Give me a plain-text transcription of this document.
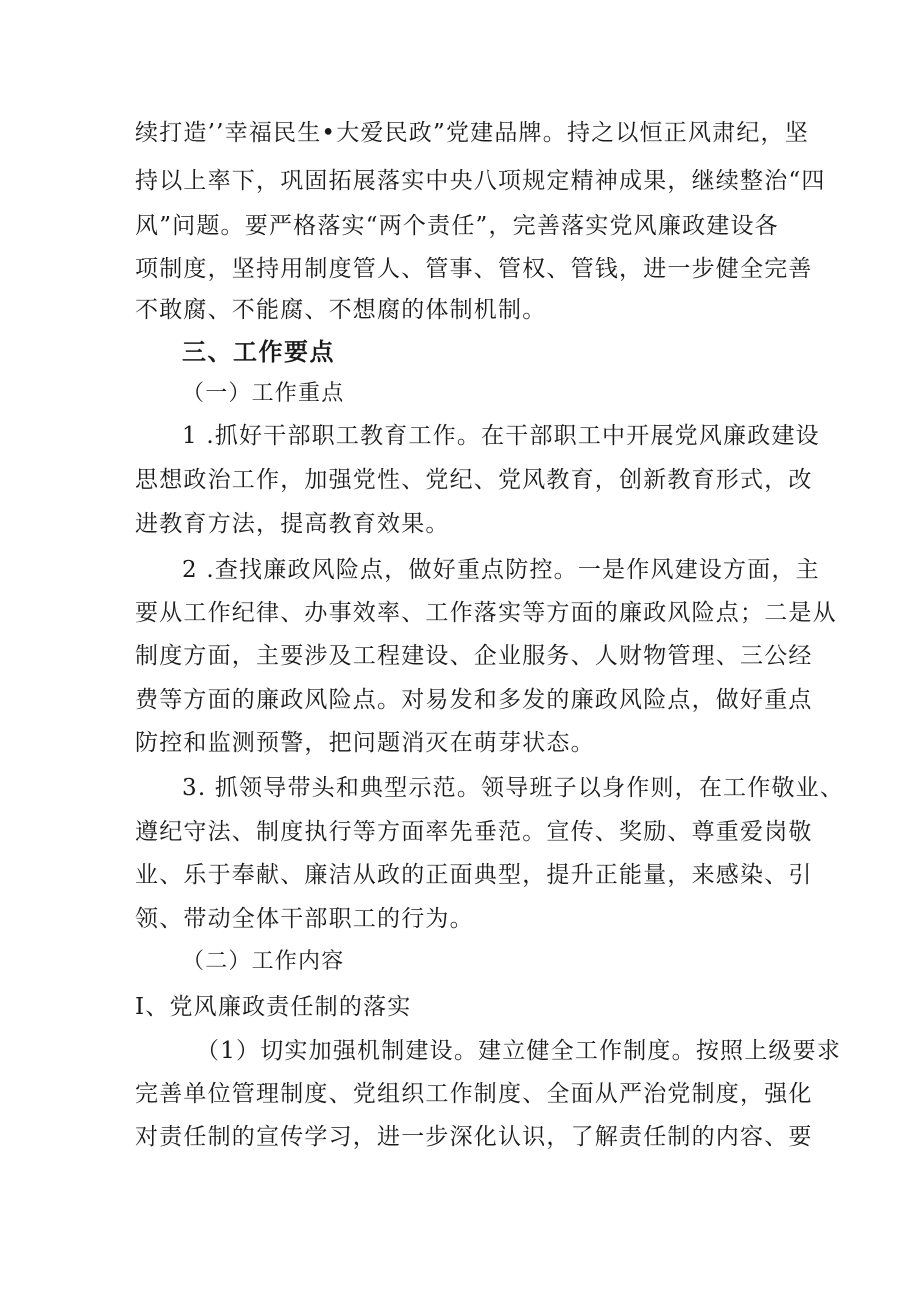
续打造’’幸福民生•大爱民政”党建品牌。持之以恒正风肃纪，坚
持以上率下，巩固拓展落实中央八项规定精神成果，继续整治“四
风”问题。要严格落实“两个责任”，完善落实党风廉政建设各
项制度，坚持用制度管人、管事、管权、管钱，进一步健全完善
不敢腐、不能腐、不想腐的体制机制。
三、工作要点
（一）工作重点
1 .抓好干部职工教育工作。在干部职工中开展党风廉政建设
思想政治工作，加强党性、党纪、党风教育，创新教育形式，改
进教育方法，提高教育效果。
2 .查找廉政风险点，做好重点防控。一是作风建设方面，主
要从工作纪律、办事效率、工作落实等方面的廉政风险点；二是从
制度方面，主要涉及工程建设、企业服务、人财物管理、三公经
费等方面的廉政风险点。对易发和多发的廉政风险点，做好重点
防控和监测预警，把问题消灭在萌芽状态。
3. 抓领导带头和典型示范。领导班子以身作则，在工作敬业、
遵纪守法、制度执行等方面率先垂范。宣传、奖励、尊重爱岗敬
业、乐于奉献、廉洁从政的正面典型，提升正能量，来感染、引
领、带动全体干部职工的行为。
（二）工作内容
I、党风廉政责任制的落实
（1）切实加强机制建设。建立健全工作制度。按照上级要求
完善单位管理制度、党组织工作制度、全面从严治党制度，强化
对责任制的宣传学习，进一步深化认识，了解责任制的内容、要
